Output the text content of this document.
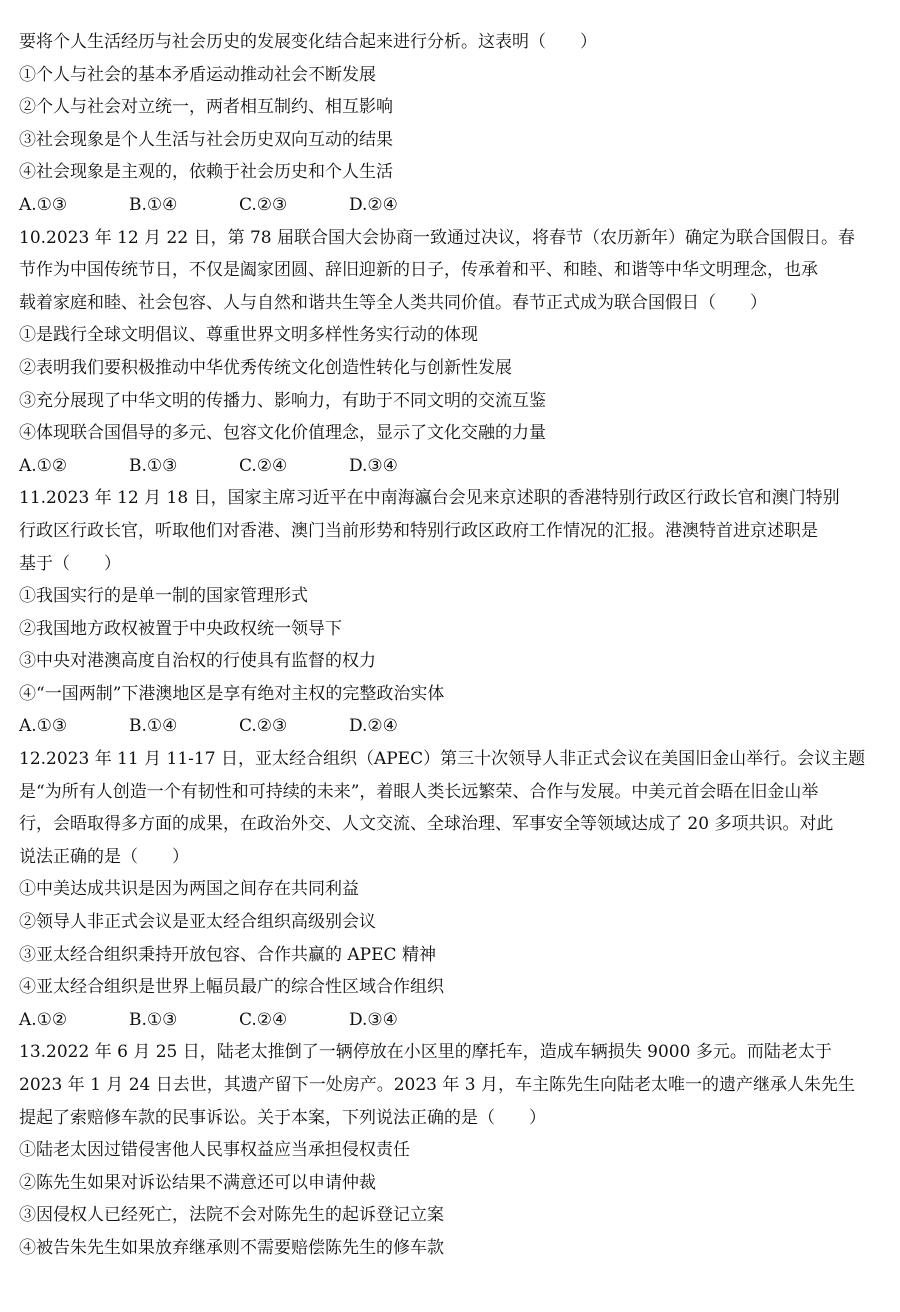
要将个人生活经历与社会历史的发展变化结合起来进行分析。这表明（　　）
①个人与社会的基本矛盾运动推动社会不断发展
②个人与社会对立统一，两者相互制约、相互影响
③社会现象是个人生活与社会历史双向互动的结果
④社会现象是主观的，依赖于社会历史和个人生活
A.①③	B.①④	C.②③	D.②④
10.2023 年 12 月 22 日，第 78 届联合国大会协商一致通过决议，将春节（农历新年）确定为联合国假日。春
节作为中国传统节日，不仅是阖家团圆、辞旧迎新的日子，传承着和平、和睦、和谐等中华文明理念，也承
载着家庭和睦、社会包容、人与自然和谐共生等全人类共同价值。春节正式成为联合国假日（　　）
①是践行全球文明倡议、尊重世界文明多样性务实行动的体现
②表明我们要积极推动中华优秀传统文化创造性转化与创新性发展
③充分展现了中华文明的传播力、影响力，有助于不同文明的交流互鉴
④体现联合国倡导的多元、包容文化价值理念，显示了文化交融的力量
A.①②	B.①③	C.②④	D.③④
11.2023 年 12 月 18 日，国家主席习近平在中南海瀛台会见来京述职的香港特别行政区行政长官和澳门特别
行政区行政长官，听取他们对香港、澳门当前形势和特别行政区政府工作情况的汇报。港澳特首进京述职是
基于（　　）
①我国实行的是单一制的国家管理形式
②我国地方政权被置于中央政权统一领导下
③中央对港澳高度自治权的行使具有监督的权力
④“一国两制”下港澳地区是享有绝对主权的完整政治实体
A.①③	B.①④	C.②③	D.②④
12.2023 年 11 月 11-17 日，亚太经合组织（APEC）第三十次领导人非正式会议在美国旧金山举行。会议主题
是“为所有人创造一个有韧性和可持续的未来”，着眼人类长远繁荣、合作与发展。中美元首会晤在旧金山举
行，会晤取得多方面的成果，在政治外交、人文交流、全球治理、军事安全等领域达成了 20 多项共识。对此
说法正确的是（　　）
①中美达成共识是因为两国之间存在共同利益
②领导人非正式会议是亚太经合组织高级别会议
③亚太经合组织秉持开放包容、合作共赢的 APEC 精神
④亚太经合组织是世界上幅员最广的综合性区域合作组织
A.①②	B.①③	C.②④	D.③④
13.2022 年 6 月 25 日，陆老太推倒了一辆停放在小区里的摩托车，造成车辆损失 9000 多元。而陆老太于
2023 年 1 月 24 日去世，其遗产留下一处房产。2023 年 3 月，车主陈先生向陆老太唯一的遗产继承人朱先生
提起了索赔修车款的民事诉讼。关于本案，下列说法正确的是（　　）
①陆老太因过错侵害他人民事权益应当承担侵权责任
②陈先生如果对诉讼结果不满意还可以申请仲裁
③因侵权人已经死亡，法院不会对陈先生的起诉登记立案
④被告朱先生如果放弃继承则不需要赔偿陈先生的修车款
